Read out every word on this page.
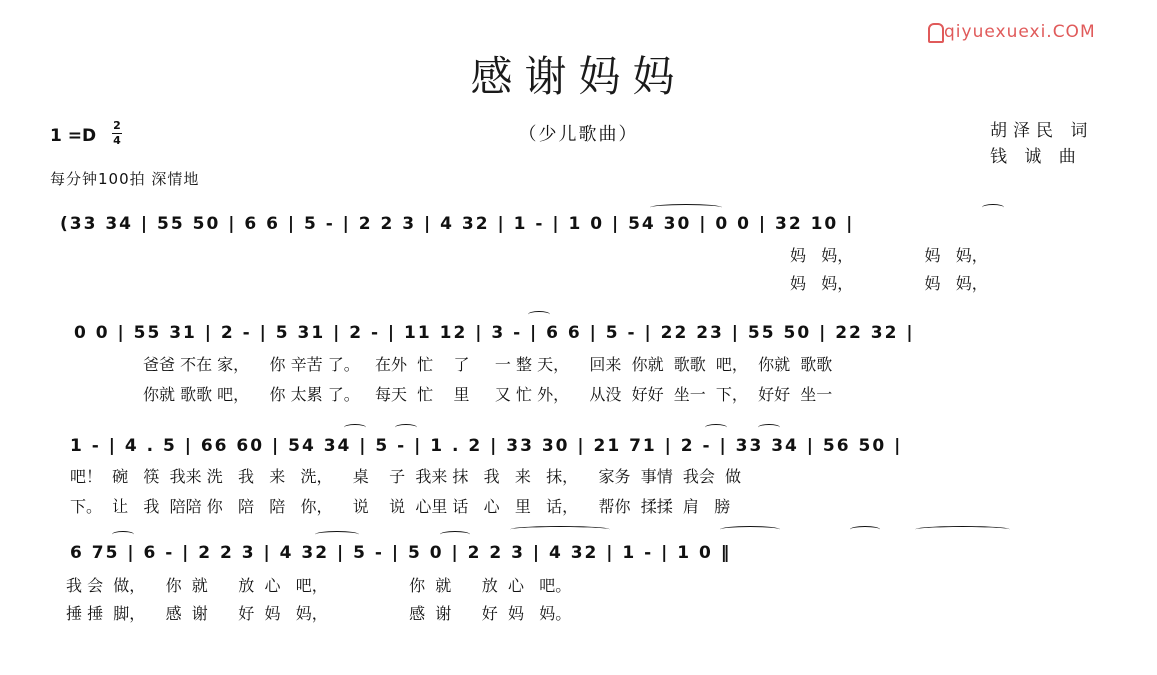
qiyuexuexi.COM
感谢妈妈
（少儿歌曲）	胡泽民 词
钱 诚 曲
1 =D
2
4
每分钟100拍 深情地
(33 34 | 55 50 | 6 6 | 5 - | 2 2 3 | 4 32 | 1 - | 1 0 | 54 30 | 0 0 | 32 10 |
妈   妈，              妈   妈，
妈   妈，              妈   妈，
0 0 | 55 31 | 2 - | 5 31 | 2 - | 11 12 | 3 - | 6 6 | 5 - | 22 23 | 55 50 | 22 32 |
爸爸 不在 家，    你 辛苦 了。   在外  忙    了     一 整 天，    回来  你就  歌歌  吧，  你就  歌歌
你就 歌歌 吧，    你 太累 了。   每天  忙    里     又 忙 外，    从没  好好  坐一  下，  好好  坐一
1 - | 4 . 5 | 66 60 | 54 34 | 5 - | 1 . 2 | 33 30 | 21 71 | 2 - | 33 34 | 56 50 |
吧！  碗   筷  我来 洗   我   来   洗，    桌    子  我来 抹   我   来   抹，    家务  事情  我会  做
下。  让   我  陪陪 你   陪   陪   你，    说    说  心里 话   心   里   话，    帮你  揉揉  肩   膀
6 75 | 6 - | 2 2 3 | 4 32 | 5 - | 5 0 | 2 2 3 | 4 32 | 1 - | 1 0 ‖
我 会  做，    你  就      放  心   吧，                你  就      放  心   吧。
捶 捶  脚，    感  谢      好  妈   妈，                感  谢      好  妈   妈。
